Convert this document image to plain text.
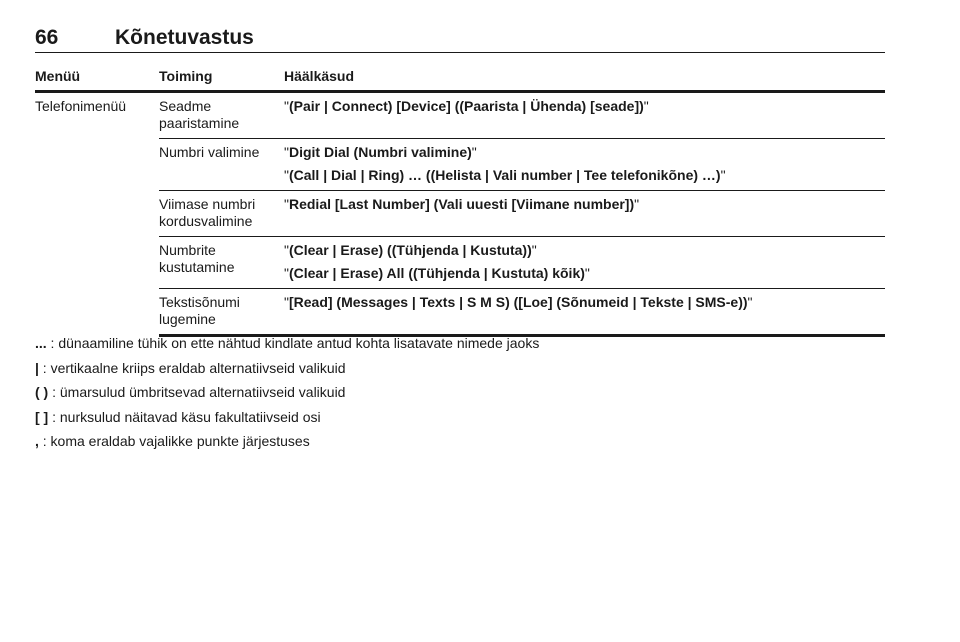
66	Kõnetuvastus
Menüü	Toiming	Häälkäsud
Telefonimenüü	Seadme paaristamine	"(Pair | Connect) [Device] ((Paarista | Ühenda) [seade])"

	Numbri valimine	"Digit Dial (Numbri valimine)"
"(Call | Dial | Ring) … ((Helista | Vali number | Tee telefonikõne) …)"

	Viimase numbri kordusvalimine	"Redial [Last Number] (Vali uuesti [Viimane number])"

	Numbrite kustutamine	"(Clear | Erase) ((Tühjenda | Kustuta))"
"(Clear | Erase) All ((Tühjenda | Kustuta) kõik)"

	Tekstisõnumi lugemine	"[Read] (Messages | Texts | S M S) ([Loe] (Sõnumeid | Tekste | SMS-e))"
... : dünaamiline tühik on ette nähtud kindlate antud kohta lisatavate nimede jaoks
| : vertikaalne kriips eraldab alternatiivseid valikuid
( ) : ümarsulud ümbritsevad alternatiivseid valikuid
[ ] : nurksulud näitavad käsu fakultatiivseid osi
, : koma eraldab vajalikke punkte järjestuses
